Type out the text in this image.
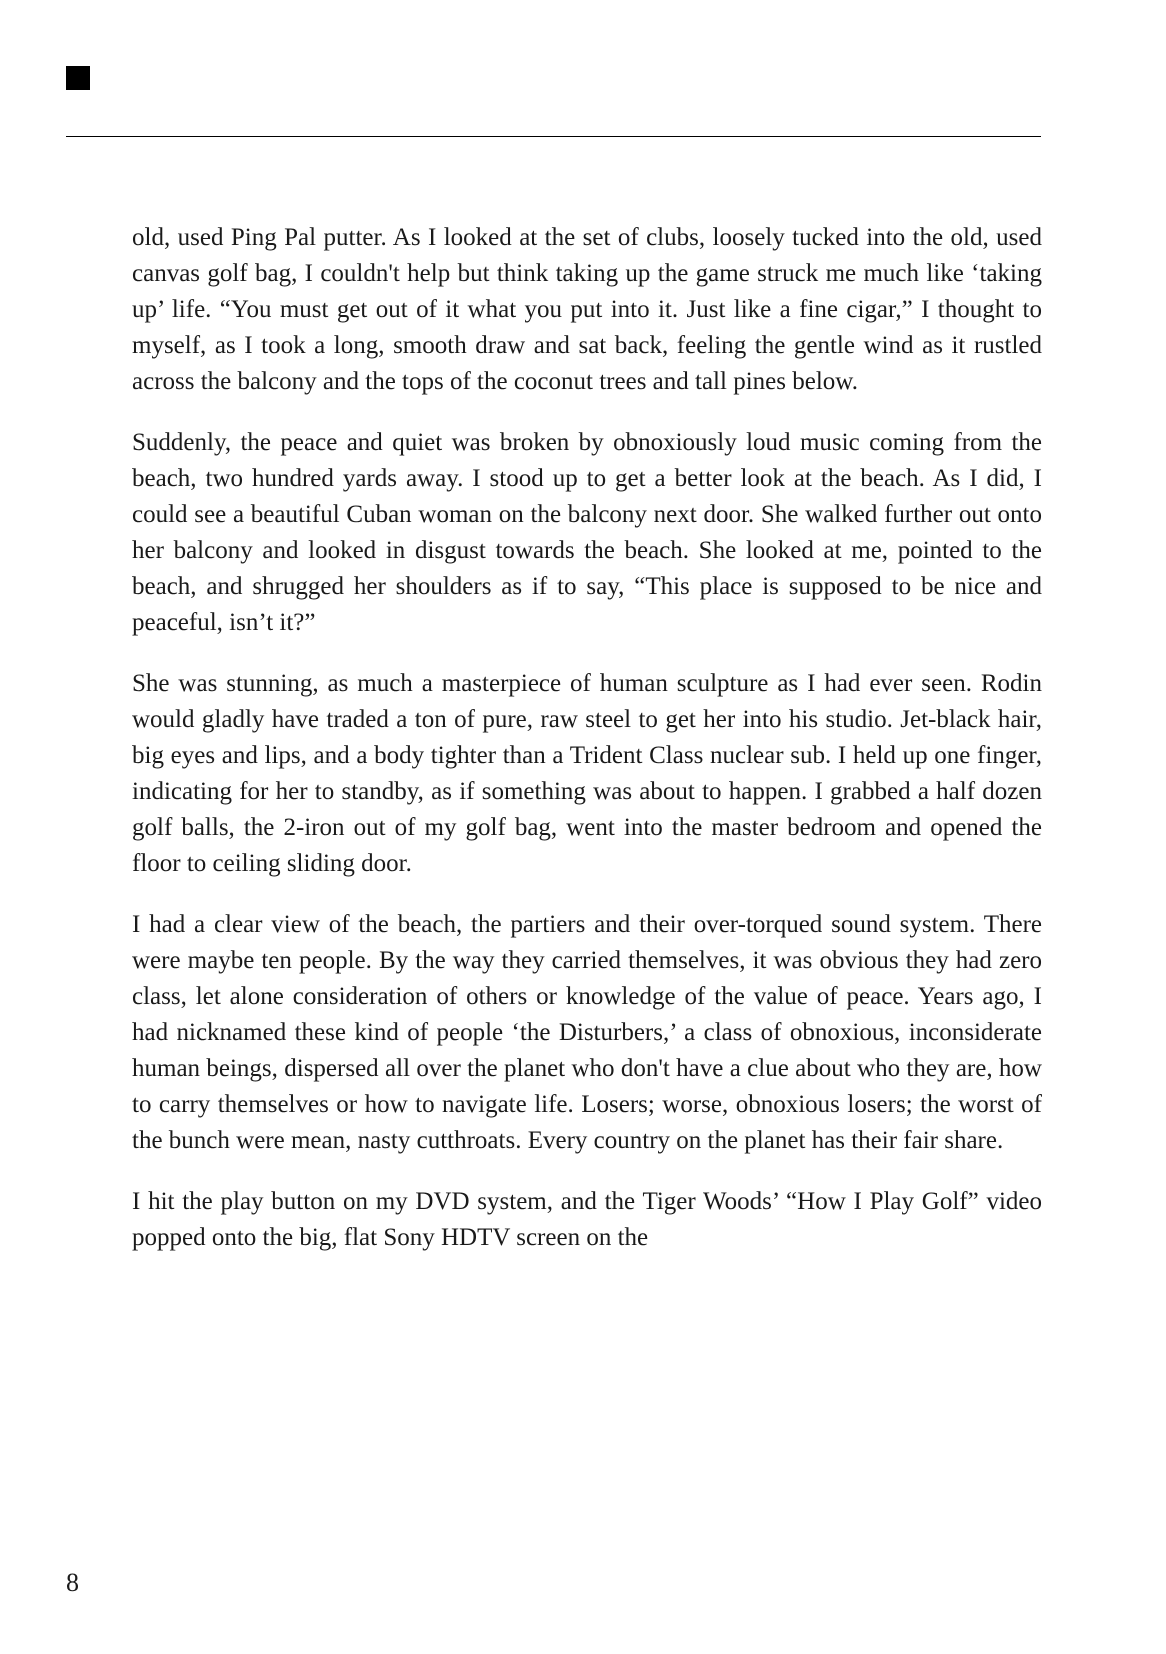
old, used Ping Pal putter. As I looked at the set of clubs, loosely tucked into the old, used canvas golf bag, I couldn't help but think taking up the game struck me much like ‘taking up’ life. “You must get out of it what you put into it. Just like a fine cigar,” I thought to myself, as I took a long, smooth draw and sat back, feeling the gentle wind as it rustled across the balcony and the tops of the coconut trees and tall pines below.

Suddenly, the peace and quiet was broken by obnoxiously loud music coming from the beach, two hundred yards away. I stood up to get a better look at the beach. As I did, I could see a beautiful Cuban woman on the balcony next door. She walked further out onto her balcony and looked in disgust towards the beach. She looked at me, pointed to the beach, and shrugged her shoulders as if to say, “This place is supposed to be nice and peaceful, isn’t it?”

She was stunning, as much a masterpiece of human sculpture as I had ever seen. Rodin would gladly have traded a ton of pure, raw steel to get her into his studio. Jet-black hair, big eyes and lips, and a body tighter than a Trident Class nuclear sub. I held up one finger, indicating for her to standby, as if something was about to happen. I grabbed a half dozen golf balls, the 2-iron out of my golf bag, went into the master bedroom and opened the floor to ceiling sliding door.

I had a clear view of the beach, the partiers and their over-torqued sound system. There were maybe ten people. By the way they carried themselves, it was obvious they had zero class, let alone consideration of others or knowledge of the value of peace. Years ago, I had nicknamed these kind of people ‘the Disturbers,’ a class of obnoxious, inconsiderate human beings, dispersed all over the planet who don't have a clue about who they are, how to carry themselves or how to navigate life. Losers; worse, obnoxious losers; the worst of the bunch were mean, nasty cutthroats. Every country on the planet has their fair share.

I hit the play button on my DVD system, and the Tiger Woods’ “How I Play Golf” video popped onto the big, flat Sony HDTV screen on the

8
